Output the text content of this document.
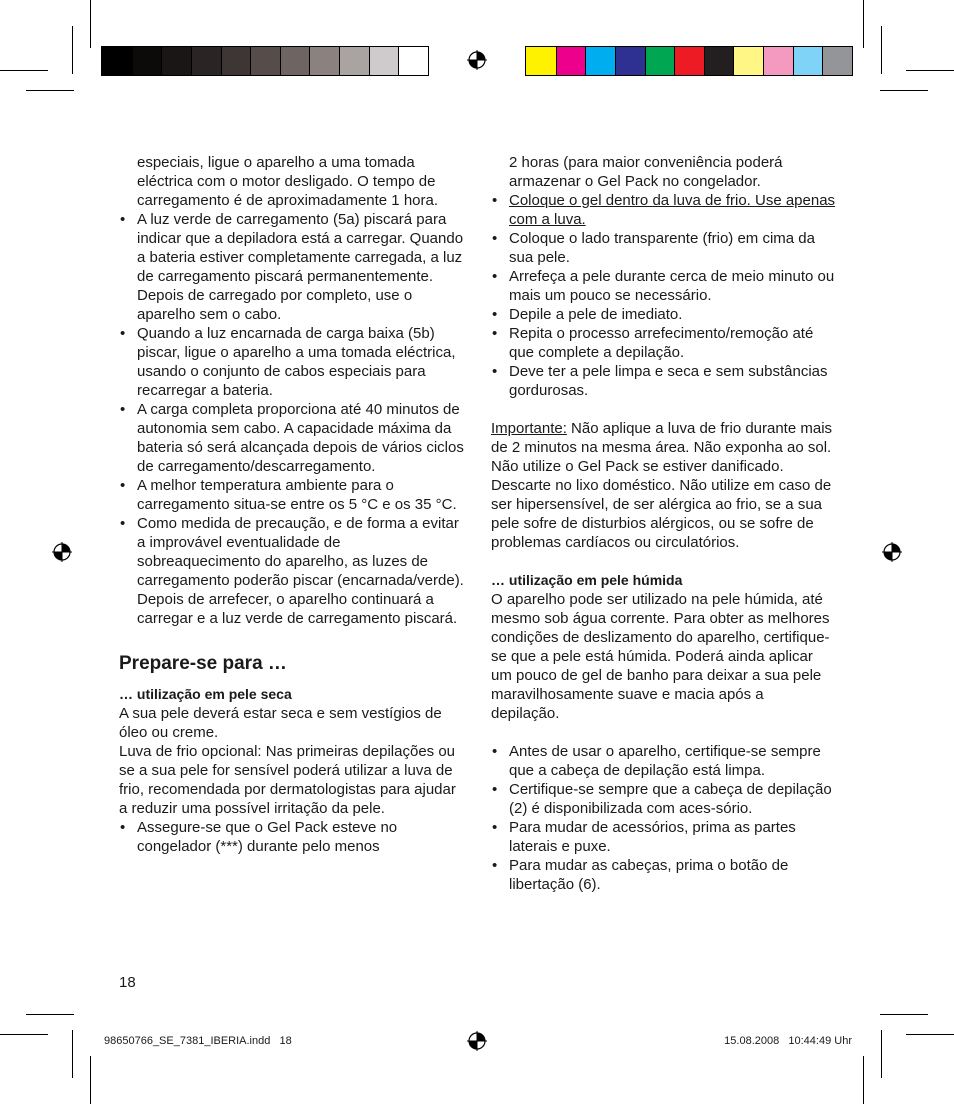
especiais, ligue o aparelho a uma tomada eléctrica com o motor desligado. O tempo de carregamento é de aproximadamente 1 hora.

• A luz verde de carregamento (5a) piscará para indicar que a depiladora está a carregar. Quando a bateria estiver completamente carregada, a luz de carregamento piscará permanentemente. Depois de carregado por completo, use o aparelho sem o cabo.
• Quando a luz encarnada de carga baixa (5b) piscar, ligue o aparelho a uma tomada eléctrica, usando o conjunto de cabos especiais para recarregar a bateria.
• A carga completa proporciona até 40 minutos de autonomia sem cabo. A capacidade máxima da bateria só será alcançada depois de vários ciclos de carregamento/descarregamento.
• A melhor temperatura ambiente para o carregamento situa-se entre os 5 °C e os 35 °C.
• Como medida de precaução, e de forma a evitar a improvável eventualidade de sobreaquecimento do aparelho, as luzes de carregamento poderão piscar (encarnada/verde). Depois de arrefecer, o aparelho continuará a carregar e a luz verde de carregamento piscará.
Prepare-se para …

… utilização em pele seca

A sua pele deverá estar seca e sem vestígios de óleo ou creme.

Luva de frio opcional: Nas primeiras depilações ou se a sua pele for sensível poderá utilizar a luva de frio, recomendada por dermatologistas para ajudar a reduzir uma possível irritação da pele.

• Assegure-se que o Gel Pack esteve no congelador (***) durante pelo menos

2 horas (para maior conveniência poderá armazenar o Gel Pack no congelador.

• Coloque o gel dentro da luva de frio. Use apenas com a luva.
• Coloque o lado transparente (frio) em cima da sua pele.
• Arrefeça a pele durante cerca de meio minuto ou mais um pouco se necessário.
• Depile a pele de imediato.
• Repita o processo arrefecimento/remoção até que complete a depilação.
• Deve ter a pele limpa e seca e sem substâncias gordurosas.

Importante: Não aplique a luva de frio durante mais de 2 minutos na mesma área. Não exponha ao sol. Não utilize o Gel Pack se estiver danificado. Descarte no lixo doméstico. Não utilize em caso de ser hipersensível, de ser alérgica ao frio, se a sua pele sofre de disturbios alérgicos, ou se sofre de problemas cardíacos ou circulatórios.

… utilização em pele húmida

O aparelho pode ser utilizado na pele húmida, até mesmo sob água corrente. Para obter as melhores condições de deslizamento do aparelho, certifique-se que a pele está húmida. Poderá ainda aplicar um pouco de gel de banho para deixar a sua pele maravilhosamente suave e macia após a depilação.

• Antes de usar o aparelho, certifique-se sempre que a cabeça de depilação está limpa.
• Certifique-se sempre que a cabeça de depilação (2) é disponibilizada com aces-sório.
• Para mudar de acessórios, prima as partes laterais e puxe.
• Para mudar as cabeças, prima o botão de libertação (6).
18
98650766_SE_7381_IBERIA.indd   18	15.08.2008   10:44:49 Uhr
